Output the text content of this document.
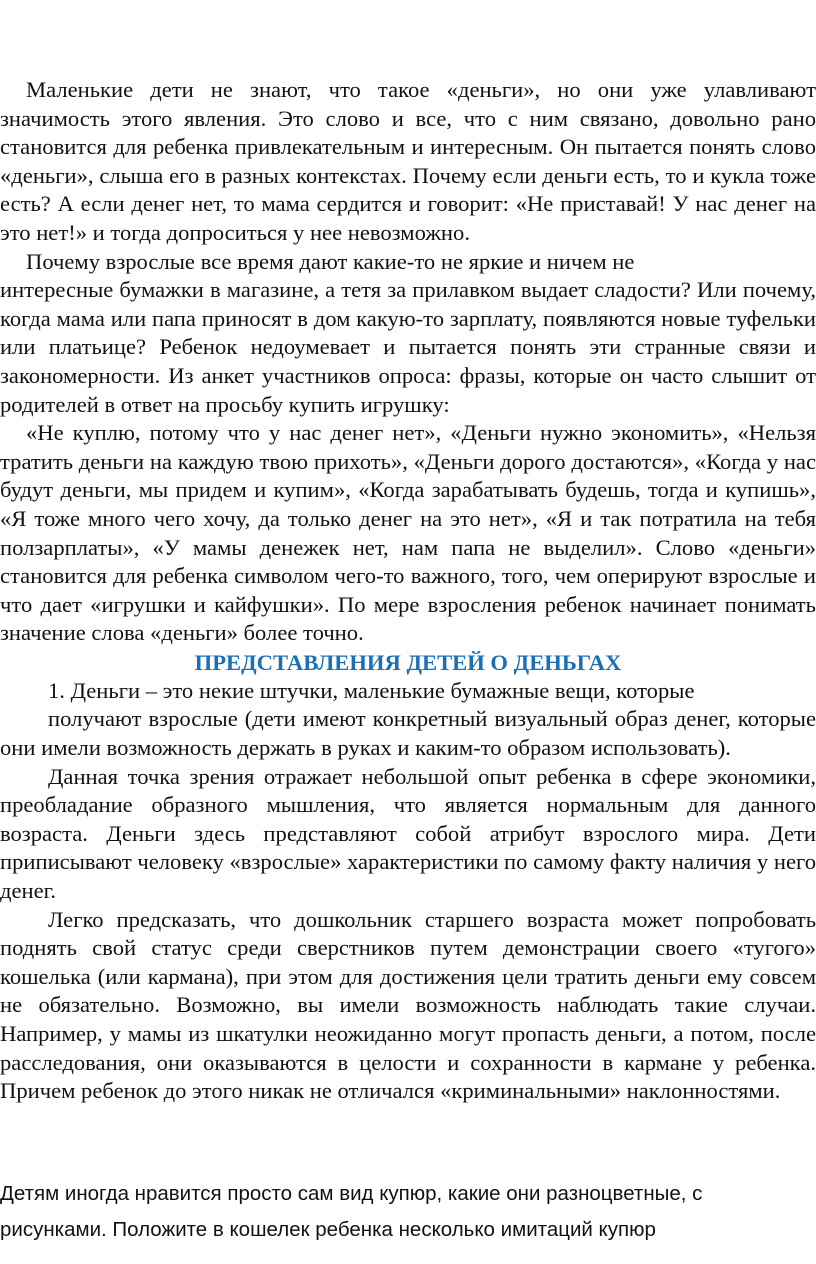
Маленькие дети не знают, что такое «деньги», но они уже улавливают значимость этого явления. Это слово и все, что с ним связано, довольно рано становится для ребенка привлекательным и интересным. Он пытается понять слово «деньги», слыша его в разных контекстах. Почему если деньги есть, то и кукла тоже есть? А если денег нет, то мама сердится и говорит: «Не приставай! У нас денег на это нет!» и тогда допроситься у нее невозможно.

Почему взрослые все время дают какие-то не яркие и ничем не

интересные бумажки в магазине, а тетя за прилавком выдает сладости? Или почему, когда мама или папа приносят в дом какую-то зарплату, появляются новые туфельки или платьице? Ребенок недоумевает и пытается понять эти странные связи и закономерности. Из анкет участников опроса: фразы, которые он часто слышит от родителей в ответ на просьбу купить игрушку:

«Не куплю, потому что у нас денег нет», «Деньги нужно экономить», «Нельзя тратить деньги на каждую твою прихоть», «Деньги дорого достаются», «Когда у нас будут деньги, мы придем и купим», «Когда зарабатывать будешь, тогда и купишь», «Я тоже много чего хочу, да только денег на это нет», «Я и так потратила на тебя ползарплаты», «У мамы денежек нет, нам папа не выделил». Слово «деньги» становится для ребенка символом чего-то важного, того, чем оперируют взрослые и что дает «игрушки и кайфушки». По мере взросления ребенок начинает понимать значение слова «деньги» более точно.

ПРЕДСТАВЛЕНИЯ ДЕТЕЙ О ДЕНЬГАХ

1. Деньги – это некие штучки, маленькие бумажные вещи, которые

получают взрослые (дети имеют конкретный визуальный образ денег, которые они имели возможность держать в руках и каким-то образом использовать).

Данная точка зрения отражает небольшой опыт ребенка в сфере экономики, преобладание образного мышления, что является нормальным для данного возраста. Деньги здесь представляют собой атрибут взрослого мира. Дети приписывают человеку «взрослые» характеристики по самому факту наличия у него денег.

Легко предсказать, что дошкольник старшего возраста может попробовать поднять свой статус среди сверстников путем демонстрации своего «тугого» кошелька (или кармана), при этом для достижения цели тратить деньги ему совсем не обязательно. Возможно, вы имели возможность наблюдать такие случаи. Например, у мамы из шкатулки неожиданно могут пропасть деньги, а потом, после расследования, они оказываются в целости и сохранности в кармане у ребенка. Причем ребенок до этого никак не отличался «криминальными» наклонностями.

Детям иногда нравится просто сам вид купюр, какие они разноцветные, с
рисунками. Положите в кошелек ребенка несколько имитаций купюр
